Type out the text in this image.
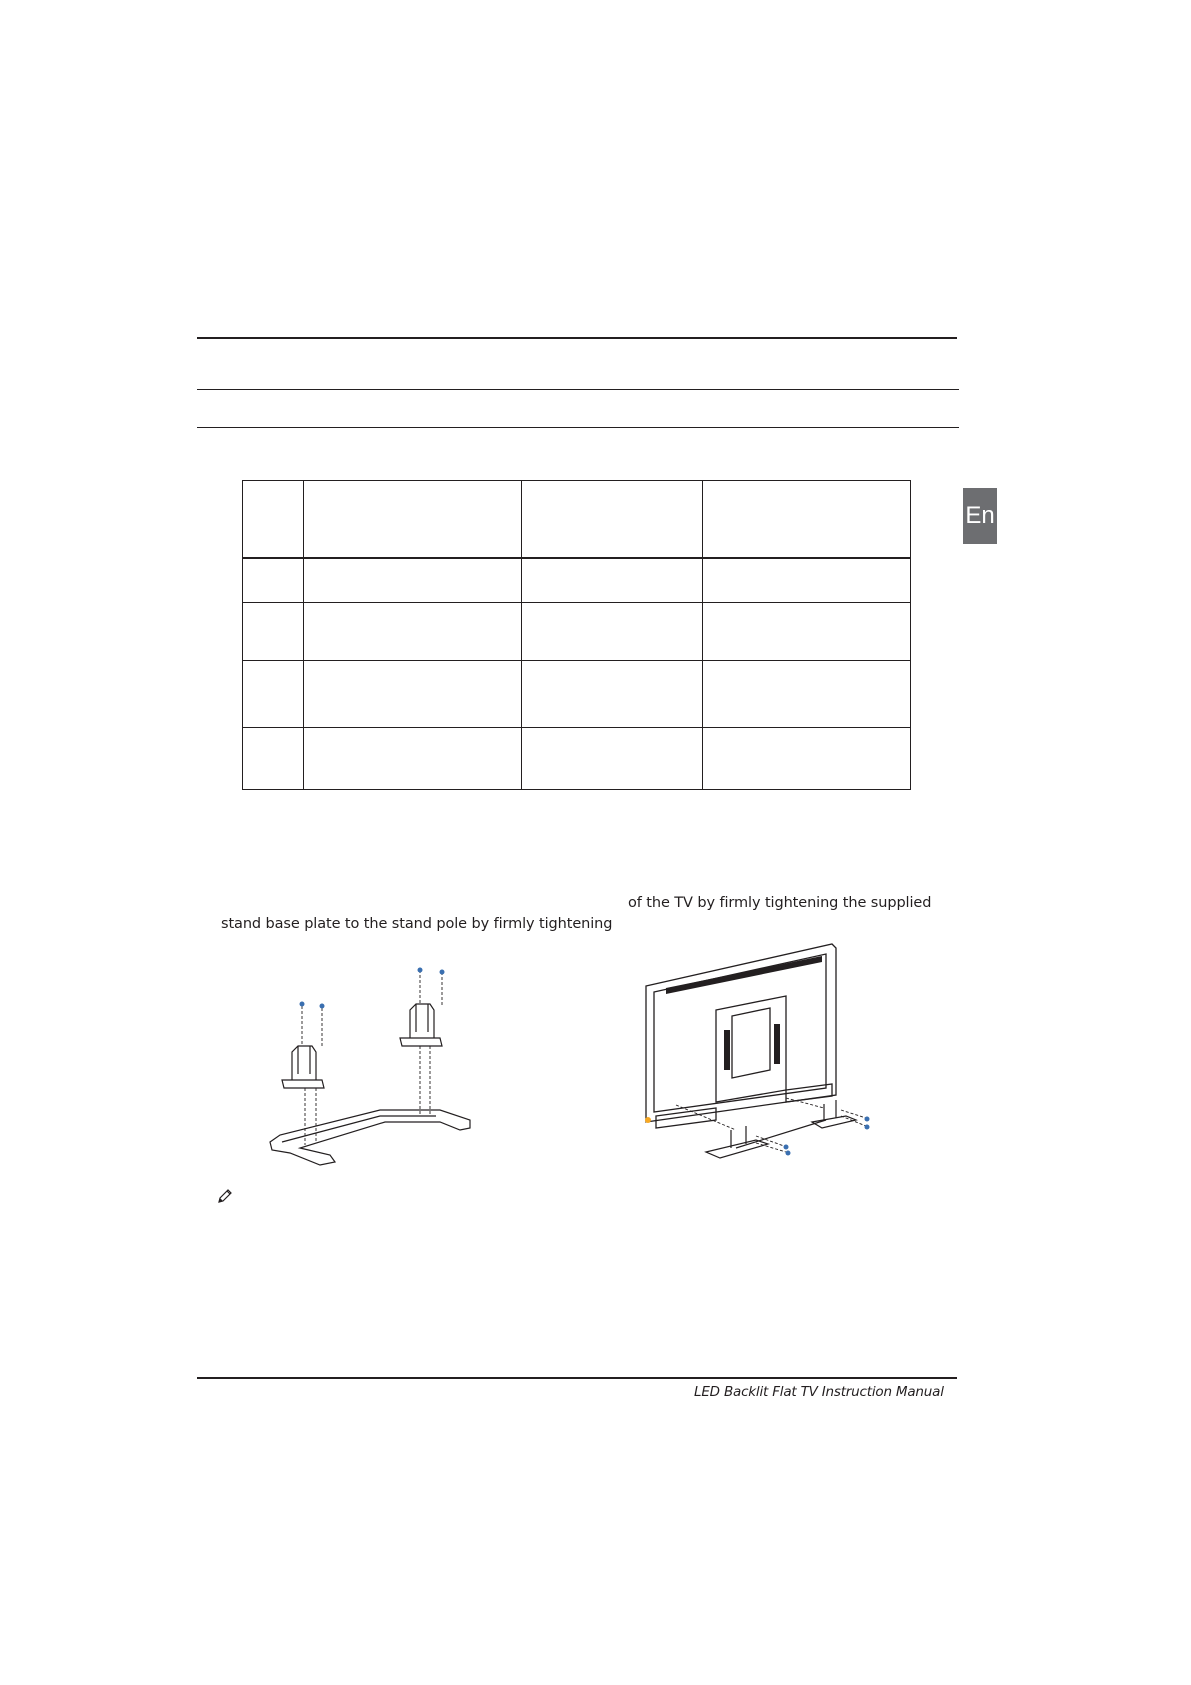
En

stand base plate to the stand pole by firmly tightening
of the TV by firmly tightening the supplied
LED Backlit Flat TV Instruction Manual
